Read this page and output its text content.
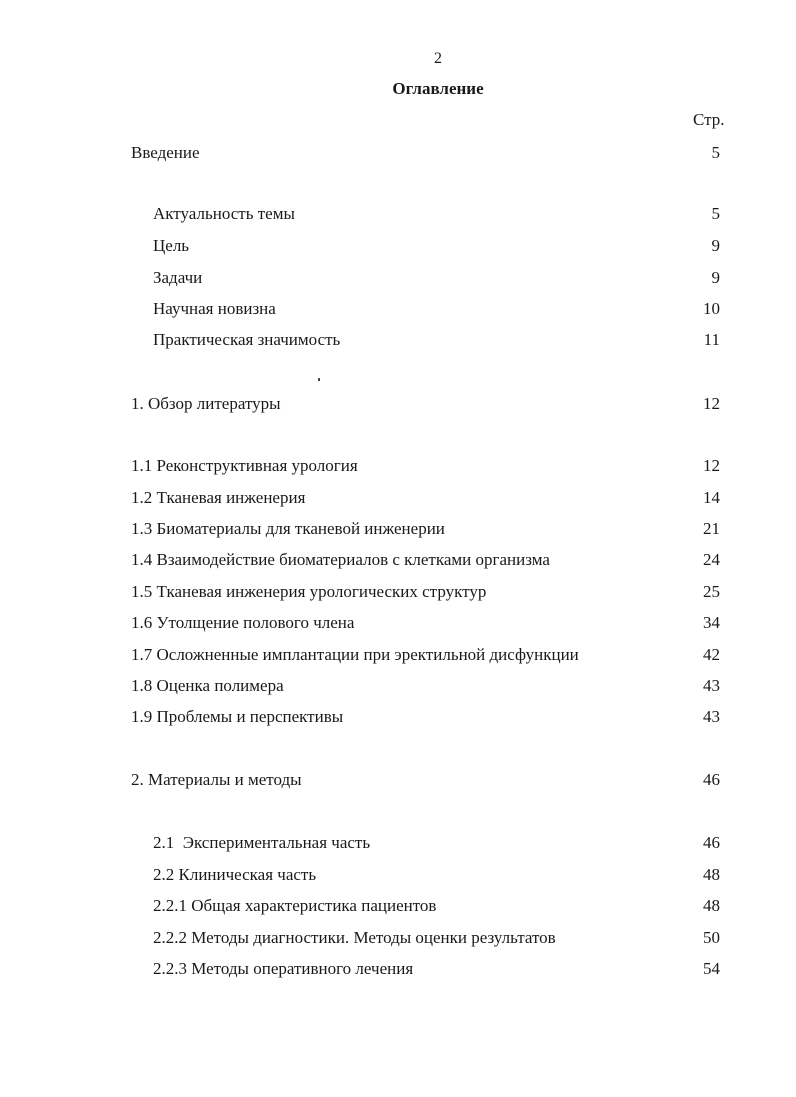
2
Оглавление
Стр.
Введение	5
Актуальность темы	5
Цель	9
Задачи	9
Научная новизна	10
Практическая значимость	11
1. Обзор литературы	12
1.1 Реконструктивная урология	12
1.2 Тканевая инженерия	14
1.3 Биоматериалы для тканевой инженерии	21
1.4 Взаимодействие биоматериалов с клетками организма	24
1.5 Тканевая инженерия урологических структур	25
1.6 Утолщение полового члена	34
1.7 Осложненные имплантации при эректильной дисфункции	42
1.8 Оценка полимера	43
1.9 Проблемы и перспективы	43
2. Материалы и методы	46
2.1  Экспериментальная часть	46
2.2 Клиническая часть	48
2.2.1 Общая характеристика пациентов	48
2.2.2 Методы диагностики. Методы оценки результатов	50
2.2.3 Методы оперативного лечения	54
